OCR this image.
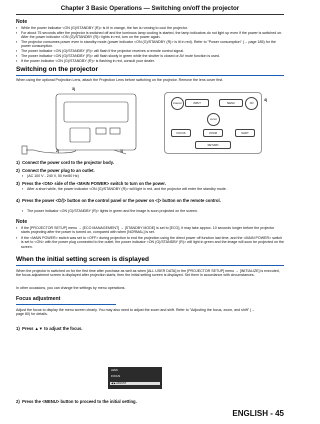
Chapter 3 Basic Operations — Switching on/off the projector
Note
▪ While the power indicator <ON (G)/STANDBY (R)> is lit in orange, the fan is running to cool the projector.
▪ For about 75 seconds after the projector is switched off and the luminous lamp cooling is started, the lamp indicators do not light up even if the power is switched on. After the power indicator <ON (G)/STANDBY (R)> lights in red, turn on the power again.
▪ The projector consumes power even in standby mode (power indicator <ON (G)/STANDBY (R)> is lit in red). Refer to "Power consumption" (→ page 185) for the power consumption.
▪ The power indicator <ON (G)/STANDBY (R)> will flash if the projector receives a remote control signal.
▪ The power indicator <ON (G)/STANDBY (R)> will flash slowly in green while the shutter is closed or AV mute function is used.
▪ If the power indicator <ON (G)/STANDBY (R)> is flashing in red, consult your dealer.
Switching on the projector
When using the optional Projection Lens, attach the Projection Lens before switching on the projector. Remove the lens cover first.
3)
1)
4)
2)
STANDBY	ON
INPUT	MENU
ENTER
FOCUS	ZOOM	SHIFT
RETURN
1) Connect the power cord to the projector body.
2) Connect the power plug to an outlet.
▪ (AC 100 V - 240 V, 50 Hz/60 Hz)
3) Press the <ON> side of the <MAIN POWER> switch to turn on the power.
▪ After a short while, the power indicator <ON (G)/STANDBY (R)> will light in red, and the projector will enter the standby mode.
4) Press the power <⏻/|> button on the control panel or the power on <|> button on the remote control.
▪ The power indicator <ON (G)/STANDBY (R)> lights in green and the image is soon projected on the screen.
Note
▪ If the [PROJECTOR SETUP] menu → [ECO MANAGEMENT] → [STANDBY MODE] is set to [ECO], it may take approx. 10 seconds longer before the projector starts projecting after the power is turned on, compared with when [NORMAL] is set.
▪ If the <MAIN POWER> switch was set to <OFF> during projection to end the projection using the direct power off function last time, and the <MAIN POWER> switch is set to <ON> with the power plug connected to the outlet, the power indicator <ON (G)/STANDBY (R)> will light in green and the image will soon be projected on the screen.
When the initial setting screen is displayed
When the projector is switched on for the first time after purchase as well as when [ALL USER DATA] in the [PROJECTOR SETUP] menu → [INITIALIZE] is executed, the focus adjustment screen is displayed after projection starts, then the initial setting screen is displayed. Set them in accordance with circumstances.
In other occasions, you can change the settings by menu operations.
Focus adjustment
Adjust the focus to display the menu screen clearly. You may also need to adjust the zoom and shift. Refer to "Adjusting the focus, zoom, and shift" (→ page 80) for details.
1) Press ▲▼ to adjust the focus.
LENS
FOCUS
◀ ▶ ADJUST
2) Press the <MENU> button to proceed to the initial setting.
ENGLISH - 45
